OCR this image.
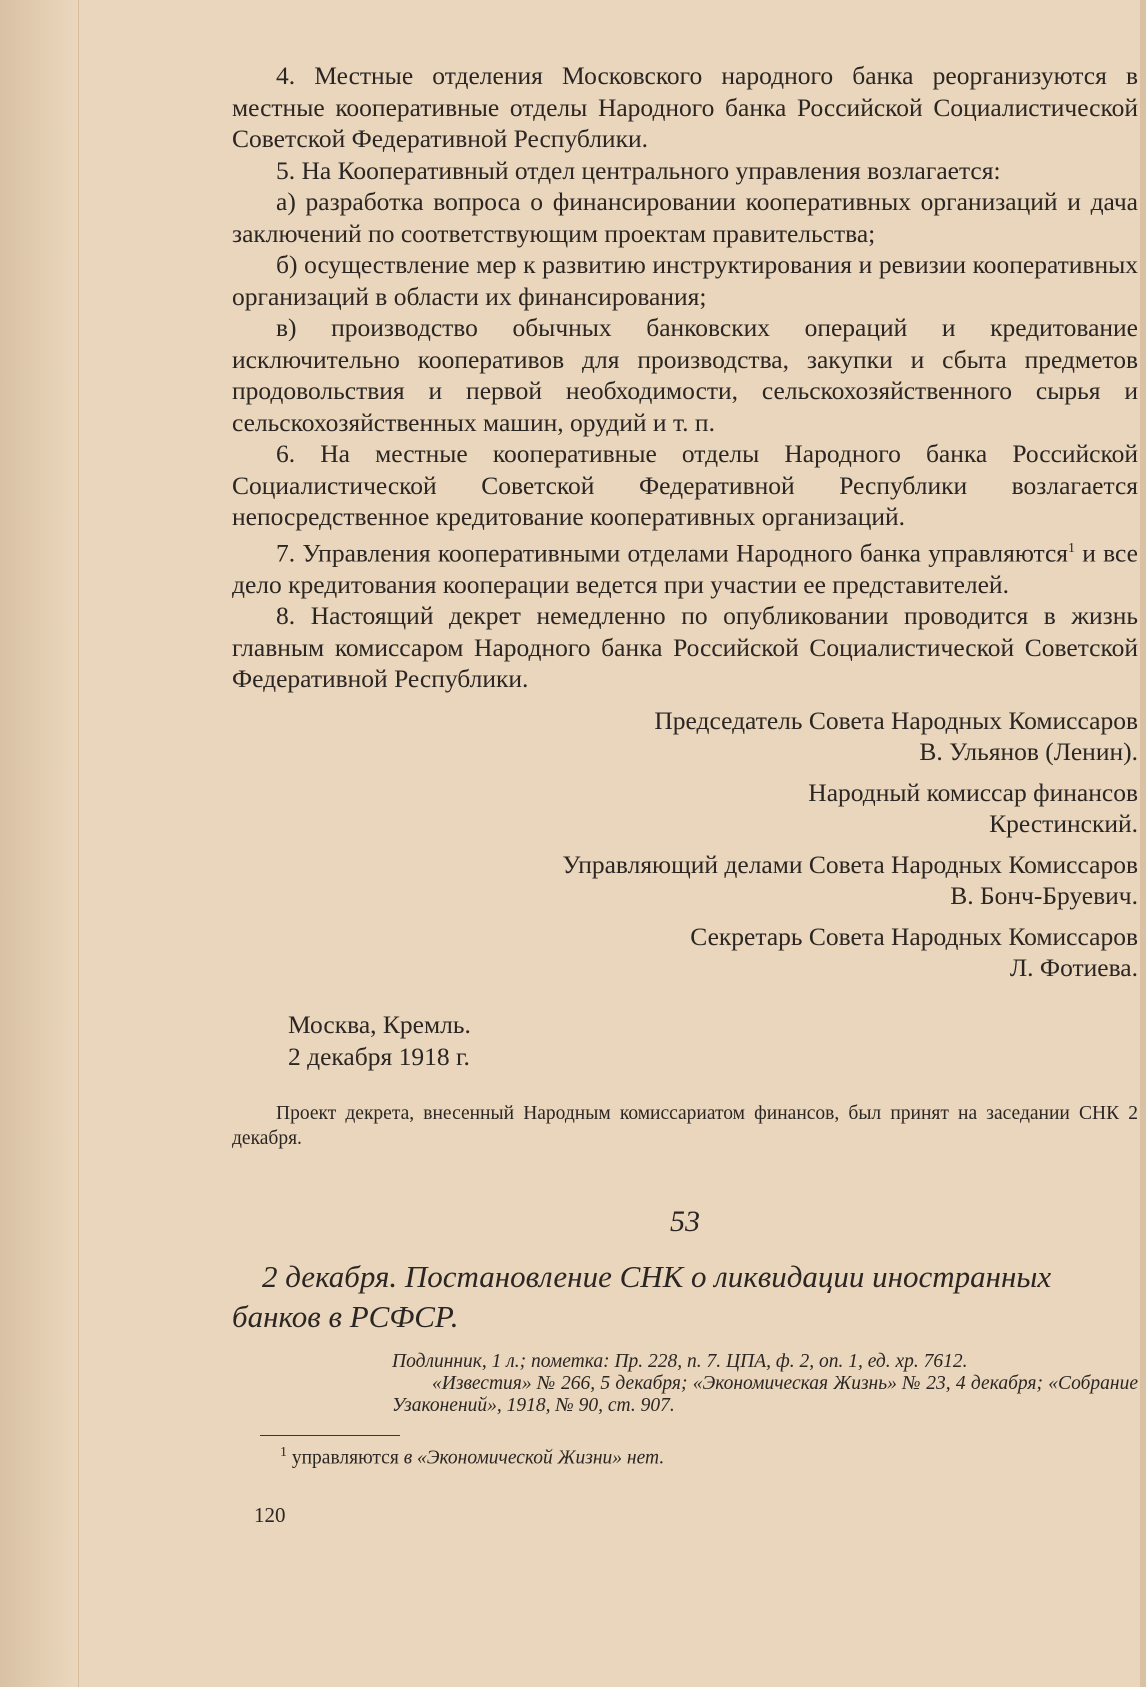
4. Местные отделения Московского народного банка реорганизуются в местные кооперативные отделы Народного банка Российской Социалистической Советской Федеративной Республики.

5. На Кооперативный отдел центрального управления возлагается:

а) разработка вопроса о финансировании кооперативных организаций и дача заключений по соответствующим проектам правительства;

б) осуществление мер к развитию инструктирования и ревизии кооперативных организаций в области их финансирования;

в) производство обычных банковских операций и кредитование исключительно кооперативов для производства, закупки и сбыта предметов продовольствия и первой необходимости, сельскохозяйственного сырья и сельскохозяйственных машин, орудий и т. п.

6. На местные кооперативные отделы Народного банка Российской Социалистической Советской Федеративной Республики возлагается непосредственное кредитование кооперативных организаций.

7. Управления кооперативными отделами Народного банка управляются$^1$ и все дело кредитования кооперации ведется при участии ее представителей.

8. Настоящий декрет немедленно по опубликовании проводится в жизнь главным комиссаром Народного банка Российской Социалистической Советской Федеративной Республики.

Председатель Совета Народных Комиссаров
В. Ульянов (Ленин).
Народный комиссар финансов
Крестинский.
Управляющий делами Совета Народных Комиссаров
В. Бонч-Бруевич.
Секретарь Совета Народных Комиссаров
Л. Фотиева.
Москва, Кремль.
2 декабря 1918 г.

Проект декрета, внесенный Народным комиссариатом финансов, был принят на заседании СНК 2 декабря.

53
2 декабря. Постановление СНК о ликвидации иностранных банков в РСФСР.
Подлинник, 1 л.; пометка: Пр. 228, п. 7. ЦПА, ф. 2, оп. 1, ед. хр. 7612.
«Известия» № 266, 5 декабря; «Экономическая Жизнь» № 23, 4 декабря; «Собрание Узаконений», 1918, № 90, ст. 907.
$^1$ управляются в «Экономической Жизни» нет.
120
